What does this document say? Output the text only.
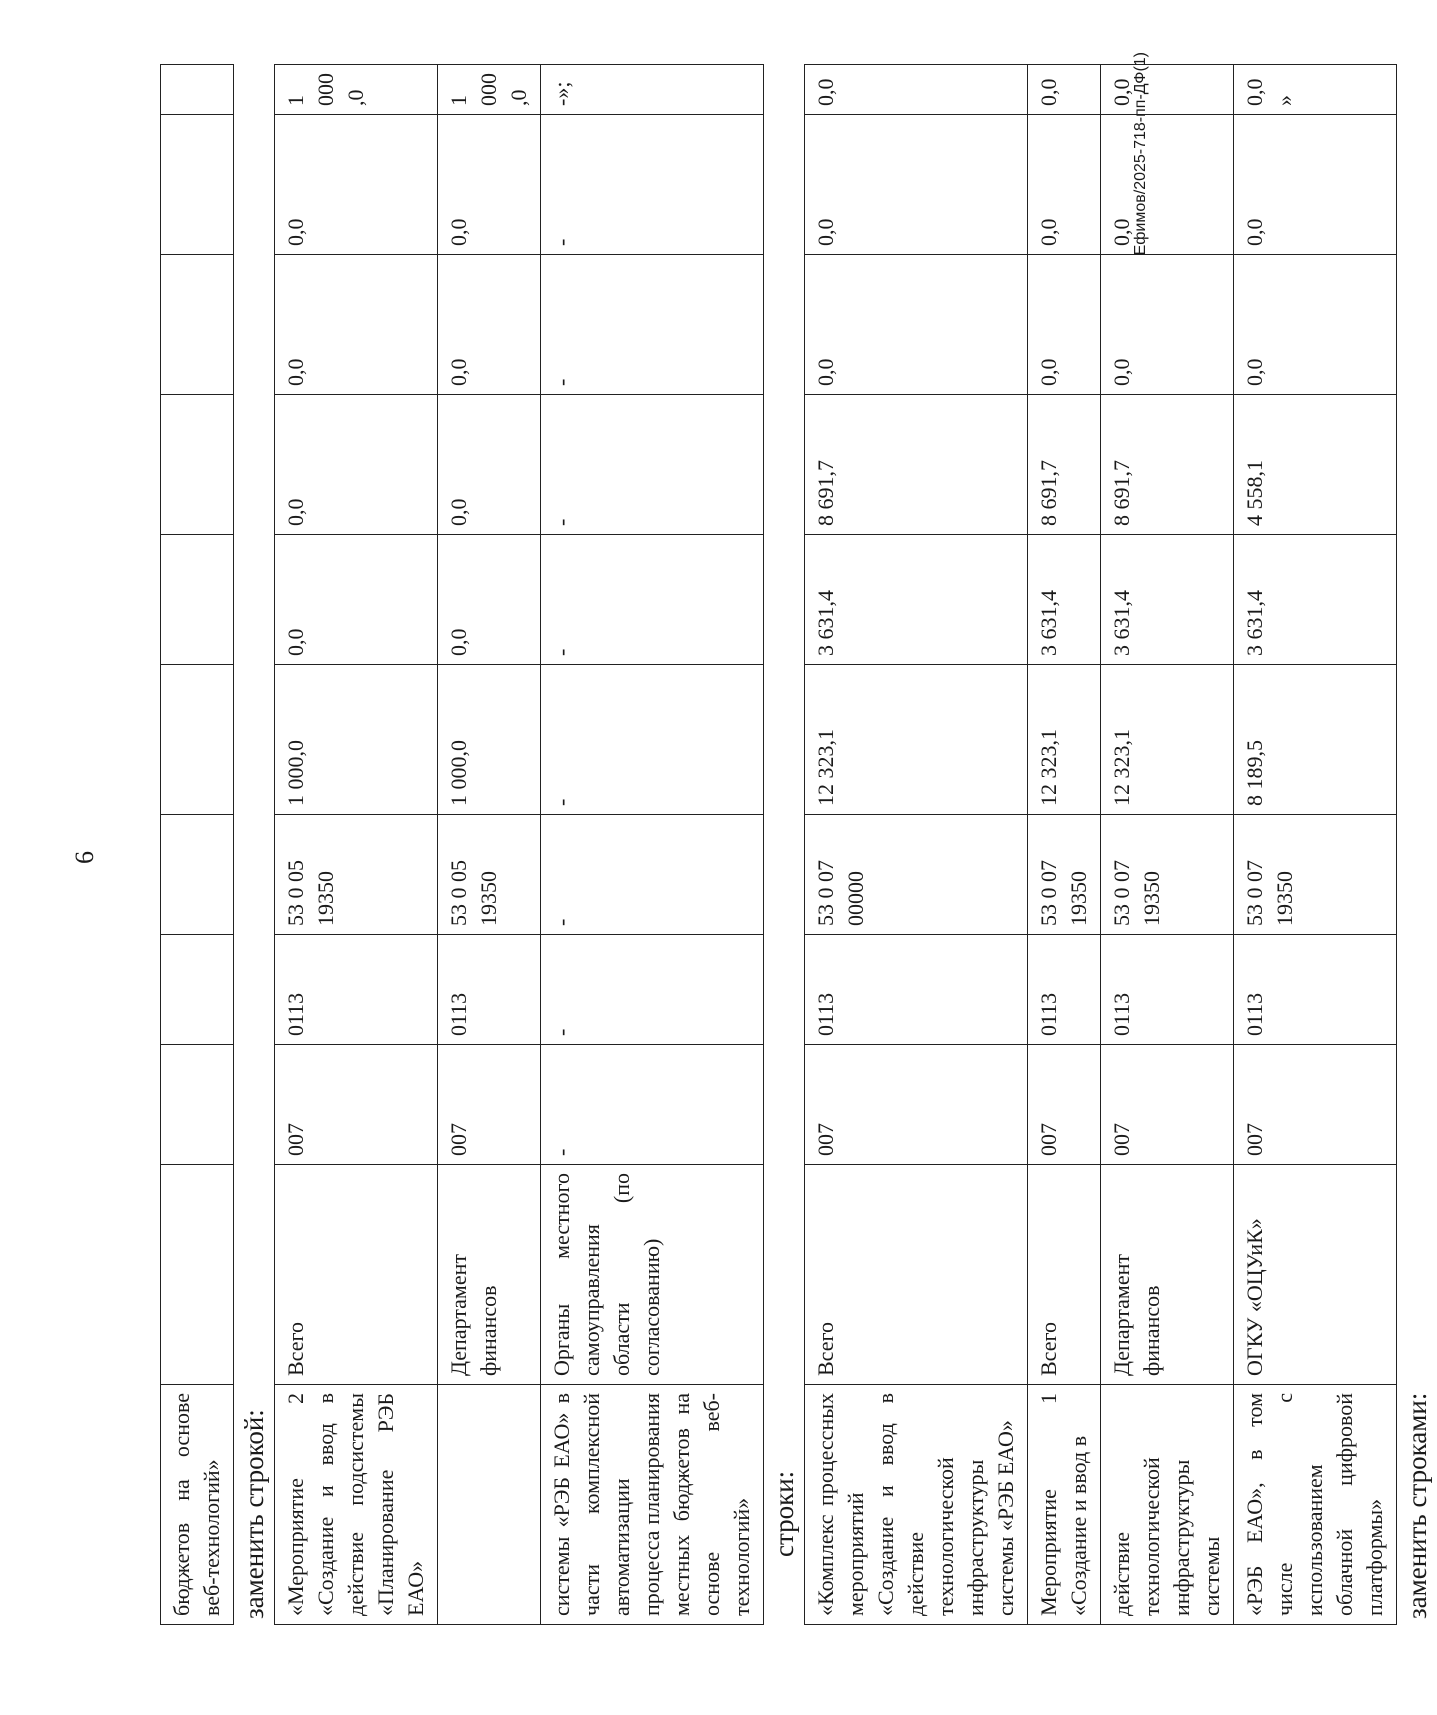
6
бюджетов на основе веб-технологий»										заменить строкой: «Мероприятие 2 «Создание и ввод в действие подсистемы «Планирование РЭБ ЕАО»	Всего	007	0113	53 0 05 19350	1 000,0	0,0	0,0	0,0	0,0	1 000,0
	Департамент финансов	007	0113	53 0 05 19350	1 000,0	0,0	0,0	0,0	0,0	1 000,0
системы «РЭБ ЕАО» в части комплексной автоматизации процесса планирования местных бюджетов на основе веб-технологий»	Органы местного самоуправления области (по согласованию)	-	-	-	-	-	-	-	-	-»;
строки: «Комплекс процессных мероприятий «Создание и ввод в действие технологической инфраструктуры системы «РЭБ ЕАО»	Всего	007	0113	53 0 07 00000	12 323,1	3 631,4	8 691,7	0,0	0,0	0,0
Мероприятие 1 «Создание и ввод в	Всего	007	0113	53 0 07 19350	12 323,1	3 631,4	8 691,7	0,0	0,0	0,0
действие технологической инфраструктуры системы	Департамент финансов	007	0113	53 0 07 19350	12 323,1	3 631,4	8 691,7	0,0	0,0	0,0
«РЭБ ЕАО», в том числе с использованием облачной цифровой платформы»	ОГКУ «ОЦУиК»	007	0113	53 0 07 19350	8 189,5	3 631,4	4 558,1	0,0	0,0	0,0»
заменить строками:
Ефимов/2025-718-пп-ДФ(1)
